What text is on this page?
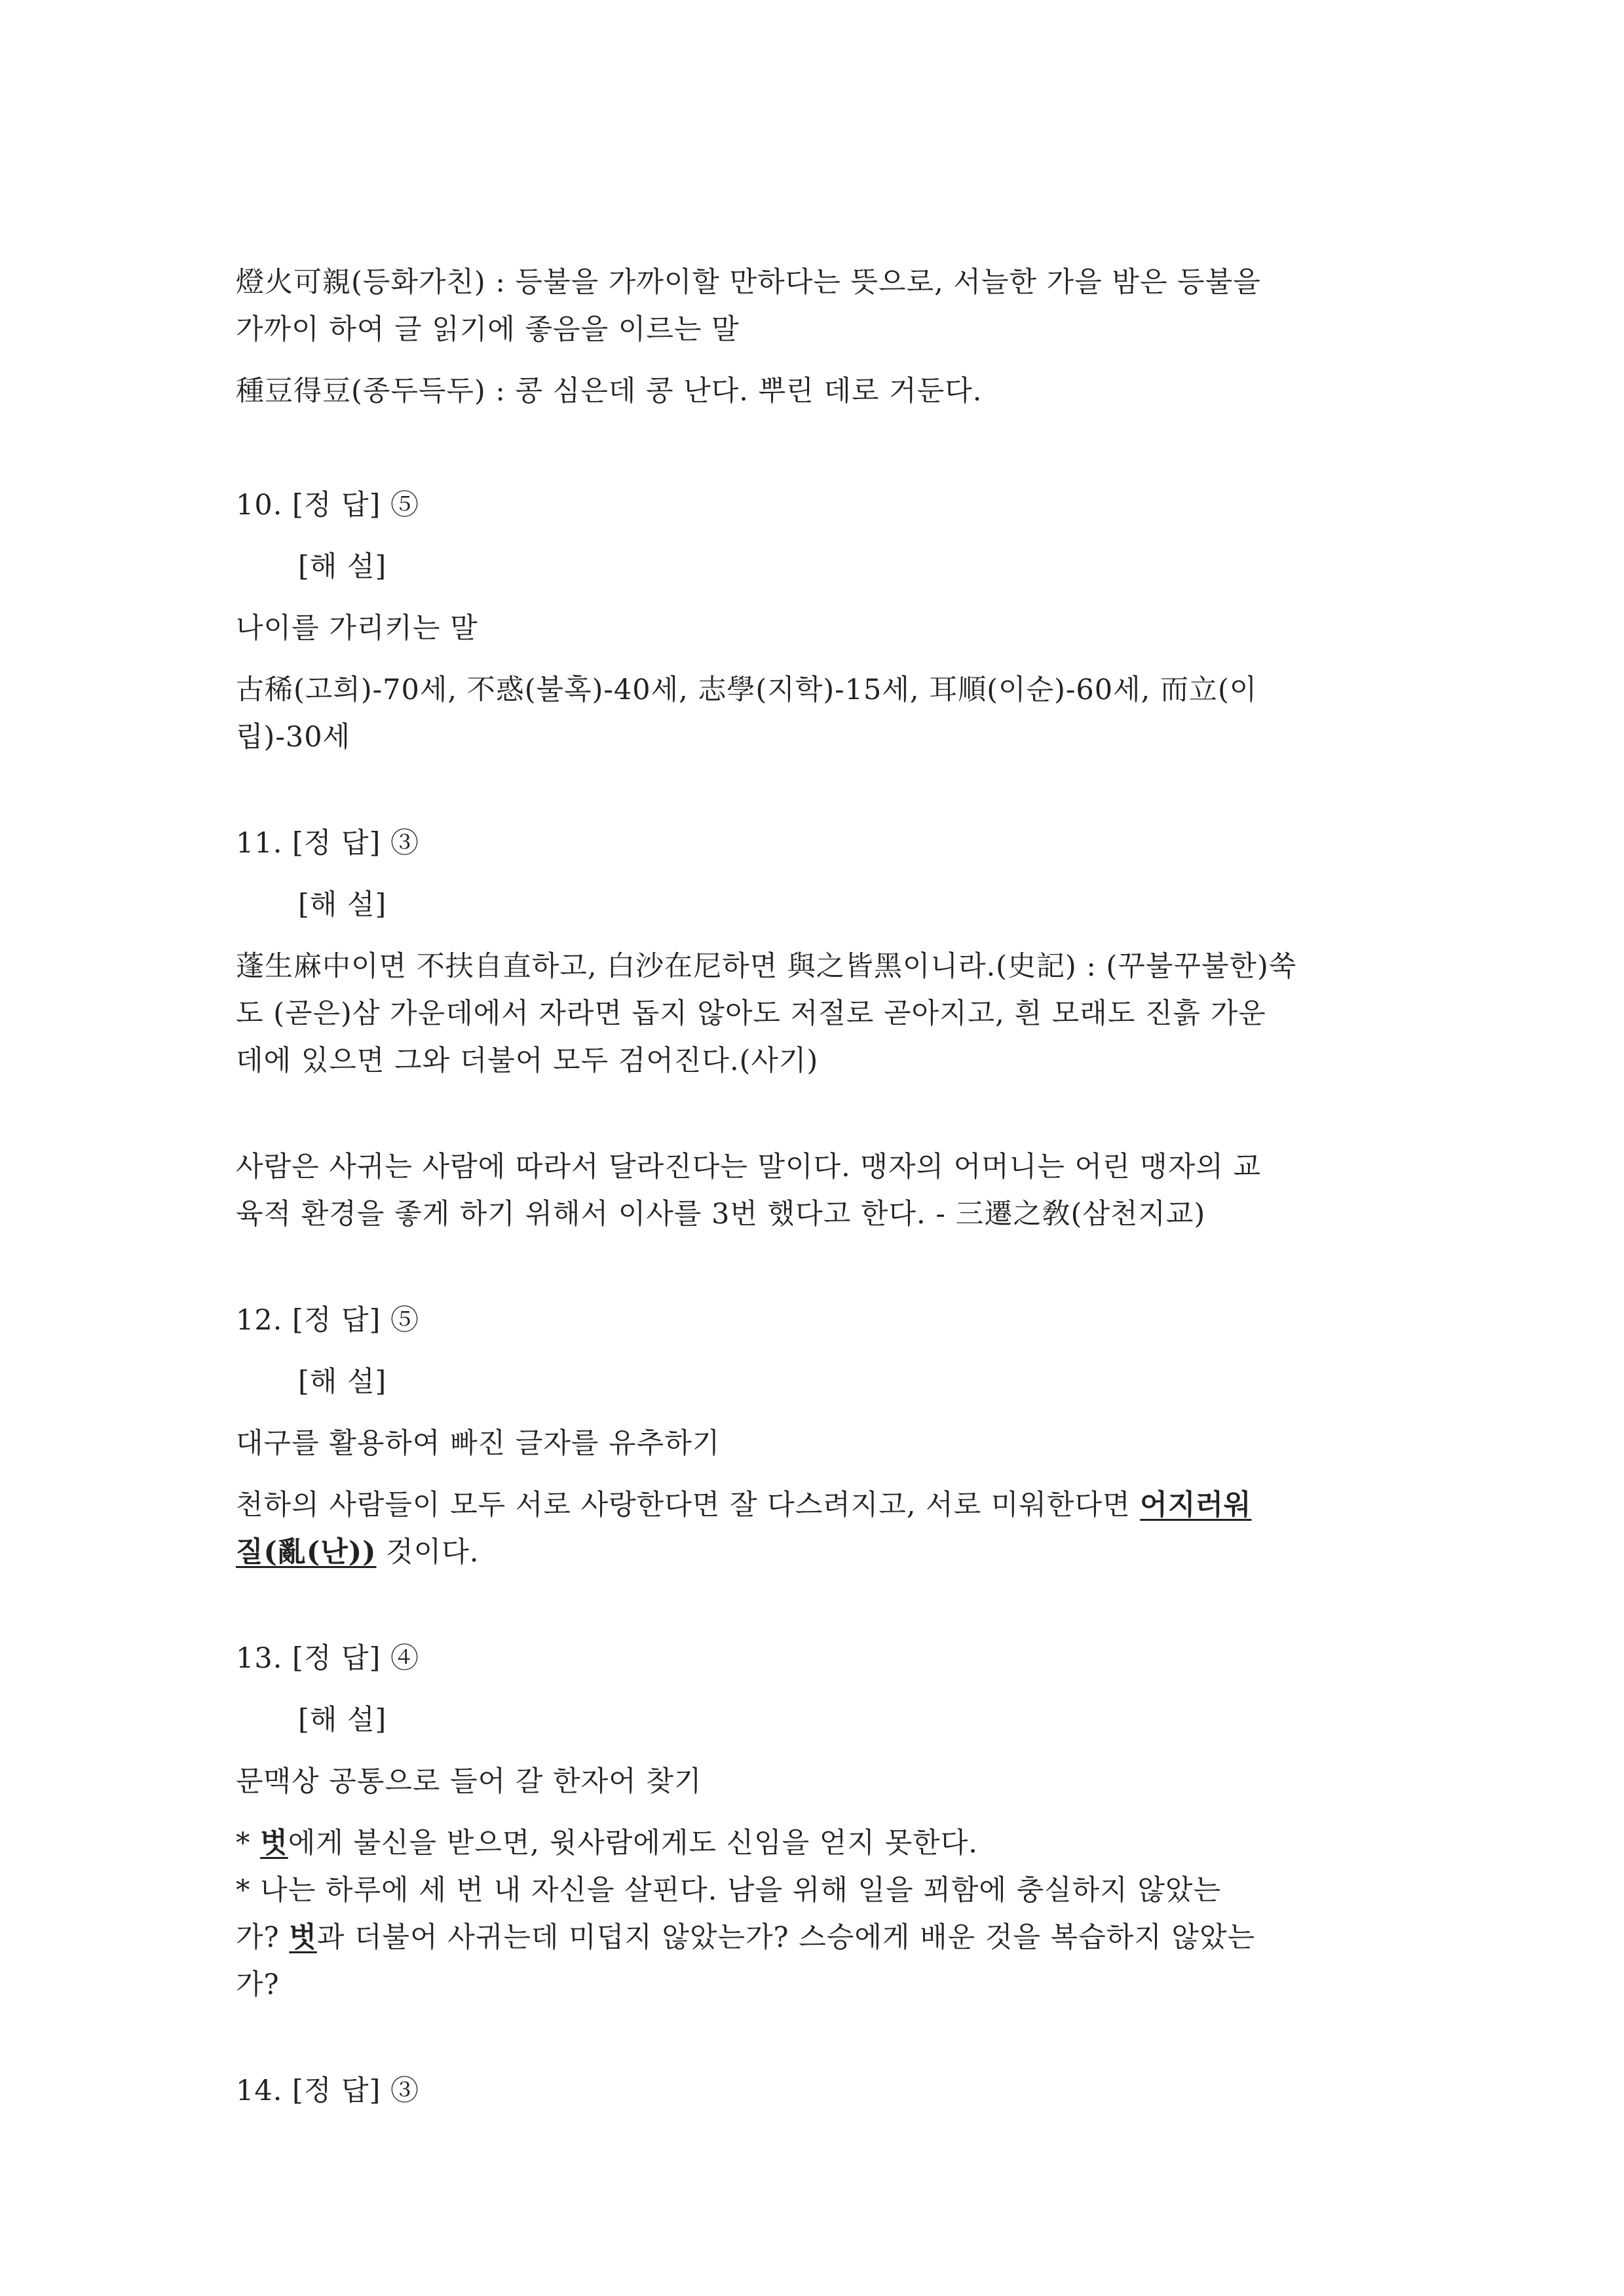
燈火可親(등화가친) : 등불을 가까이할 만하다는 뜻으로, 서늘한 가을 밤은 등불을

가까이 하여 글 읽기에 좋음을 이르는 말

種豆得豆(종두득두) : 콩 심은데 콩 난다. 뿌린 데로 거둔다.

10. [정 답] ⑤

[해 설]

나이를 가리키는 말

古稀(고희)-70세, 不惑(불혹)-40세, 志學(지학)-15세, 耳順(이순)-60세, 而立(이

립)-30세

11. [정 답] ③

[해 설]

蓬生麻中이면 不扶自直하고, 白沙在尼하면 與之皆黑이니라.(史記) : (꾸불꾸불한)쑥

도 (곧은)삼 가운데에서 자라면 돕지 않아도 저절로 곧아지고, 흰 모래도 진흙 가운

데에 있으면 그와 더불어 모두 검어진다.(사기)

사람은 사귀는 사람에 따라서 달라진다는 말이다. 맹자의 어머니는 어린 맹자의 교

육적 환경을 좋게 하기 위해서 이사를 3번 했다고 한다. - 三遷之敎(삼천지교)

12. [정 답] ⑤

[해 설]

대구를 활용하여 빠진 글자를 유추하기

천하의 사람들이 모두 서로 사랑한다면 잘 다스려지고, 서로 미워한다면 어지러워

질(亂(난)) 것이다.

13. [정 답] ④

[해 설]

문맥상 공통으로 들어 갈 한자어 찾기

* 벗에게 불신을 받으면, 윗사람에게도 신임을 얻지 못한다.

* 나는 하루에 세 번 내 자신을 살핀다. 남을 위해 일을 꾀함에 충실하지 않았는

가? 벗과 더불어 사귀는데 미덥지 않았는가? 스승에게 배운 것을 복습하지 않았는

가?

14. [정 답] ③
